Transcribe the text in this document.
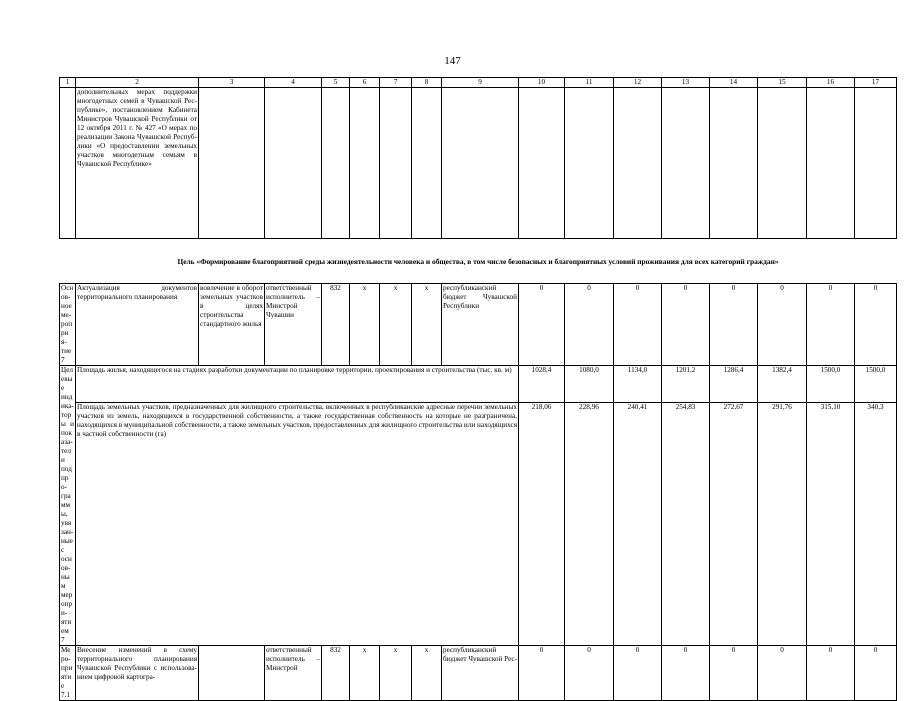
147
1	2	3	4	5	6	7	8	9	10	11	12	13	14	15	16	17
	дополнительных мерах поддержки многодетных семей в Чувашской Республике», постановлением Кабинета Министров Чувашской Республики от 12 октября 2011 г. № 427 «О мерах по реализации Закона Чувашской Республики «О предоставлении земельных участков многодетным семьям в Чувашской Республике»															
Цель «Формирование благоприятной среды жизнедеятельности человека и общества, в том числе безопасных и благоприятных условий проживания для всех категорий граждан»																
Основное мероприятие 7	Актуализация документов территориального планирования	вовлечение в оборот земельных участков в целях строительства стандартного жилья	ответственный исполнитель – Минстрой Чувашии	832	x	x	x	республиканский бюджет Чувашской Республики	0	0	0	0	0	0	0	0
Целевые индикаторы и показатели подпрограммы, увязанные с основным мероприятием 7	Площадь жилья, находящегося на стадиях разработки документации по планировке территории, проектирования и строительства (тыс. кв. м)								1028,4	1080,0	1134,0	1201,2	1286,4	1382,4	1500,0	1500,0
	Площадь земельных участков, предназначенных для жилищного строительства, включенных в республиканские адресные перечни земельных участков из земель, находящихся в государственной собственности, а также государственная собственность на которые не разграничена, находящихся в муниципальной собственности, а также земельных участков, предоставленных для жилищного строительства или находящихся в частной собственности (га)								218,06	228,96	240,41	254,83	272,67	291,76	315,10	340,3
Мероприятие 7.1	Внесение изменений в схему территориального планирования Чувашской Республики с использованием цифровой картогра-		ответственный исполнитель – Минстрой	832	x	x	x	республиканский бюджет Чувашской Рес-	0	0	0	0	0	0	0	0
